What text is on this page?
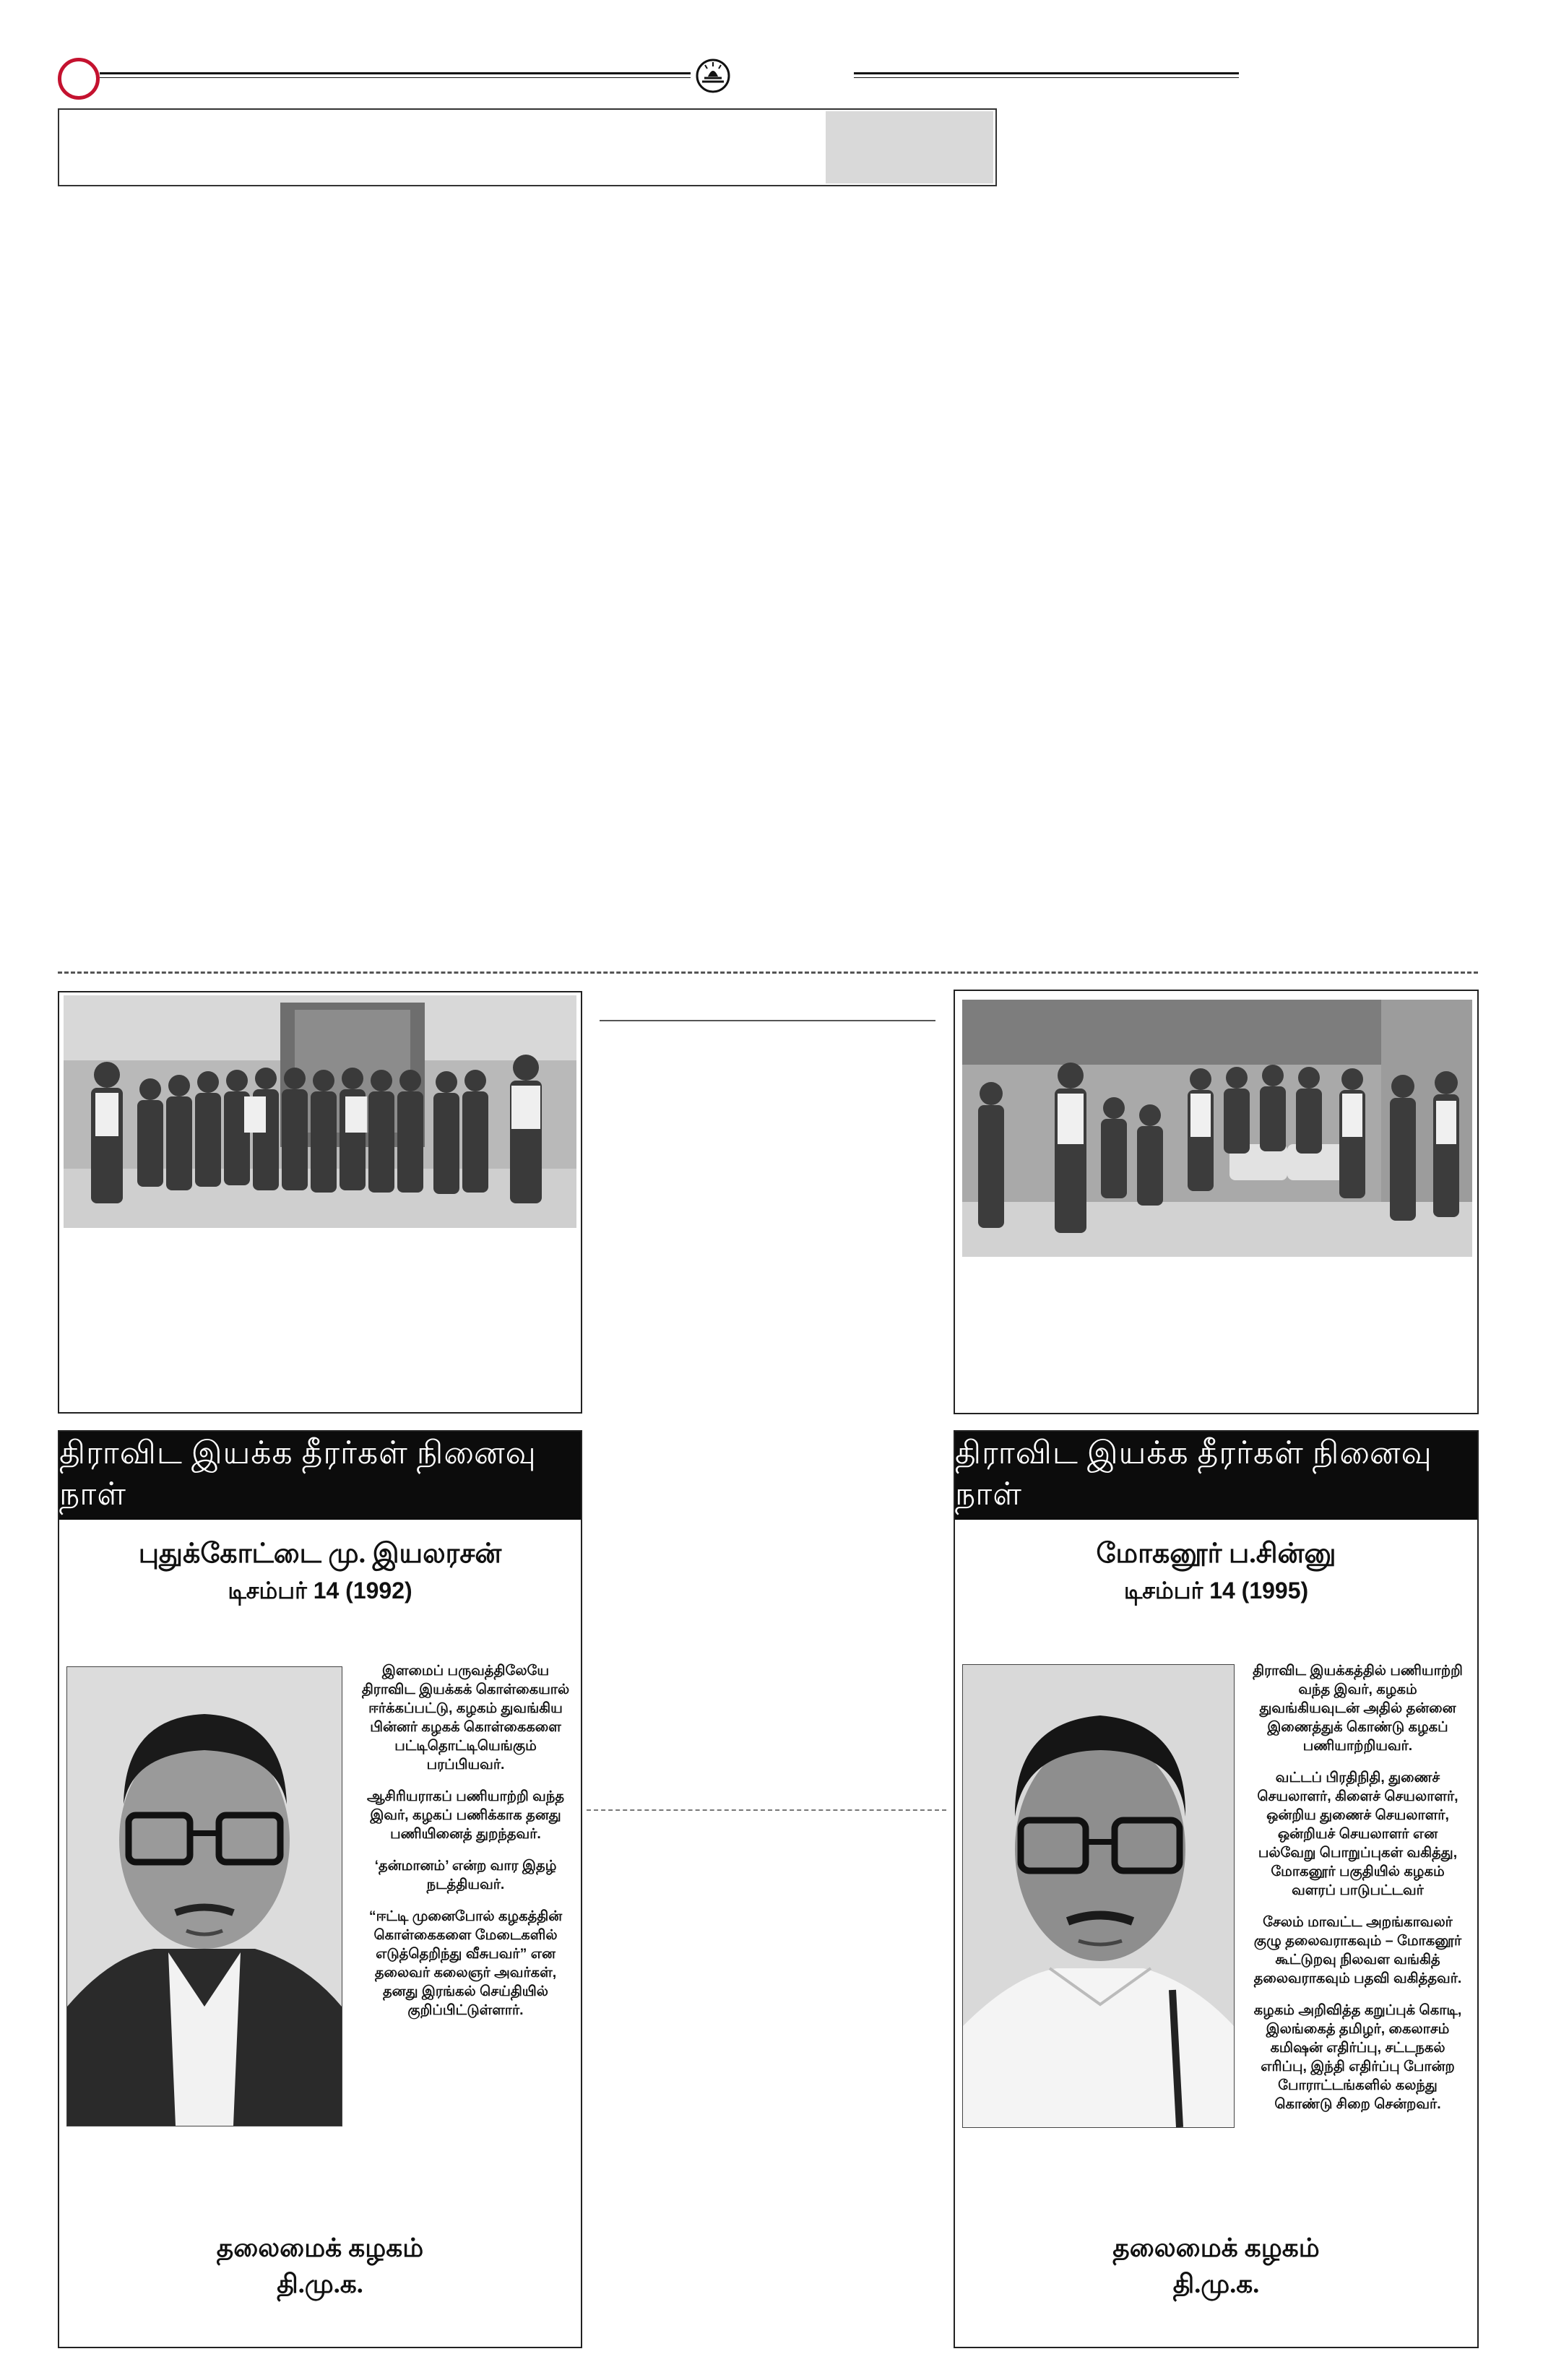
திராவிட இயக்க தீரர்கள் நினைவு நாள்
புதுக்கோட்டை மு. இயலரசன்
டிசம்பர் 14 (1992)

இளமைப் பருவத்திலேயே திராவிட இயக்கக் கொள்கையால் ஈர்க்கப்பட்டு, கழகம் துவங்கிய பின்னர் கழகக் கொள்கைகளை பட்டிதொட்டியெங்கும் பரப்பியவர்.

ஆசிரியராகப் பணியாற்றி வந்த இவர், கழகப் பணிக்காக தனது பணியினைத் துறந்தவர்.

‘தன்மானம்’ என்ற வார இதழ் நடத்தியவர்.

“ஈட்டி முனைபோல் கழகத்தின் கொள்கைகளை மேடைகளில் எடுத்தெறிந்து வீசுபவர்” என தலைவர் கலைஞர் அவர்கள், தனது இரங்கல் செய்தியில் குறிப்பிட்டுள்ளார்.

தலைமைக் கழகம்
தி.மு.க.
திராவிட இயக்க தீரர்கள் நினைவு நாள்
மோகனூர் ப.சின்னு
டிசம்பர் 14 (1995)

திராவிட இயக்கத்தில் பணியாற்றி வந்த இவர், கழகம் துவங்கியவுடன் அதில் தன்னை இணைத்துக் கொண்டு கழகப் பணியாற்றியவர்.

வட்டப் பிரதிநிதி, துணைச் செயலாளர், கிளைச் செயலாளர், ஒன்றிய துணைச் செயலாளர், ஒன்றியச் செயலாளர் என பல்வேறு பொறுப்புகள் வகித்து, மோகனூர் பகுதியில் கழகம் வளரப் பாடுபட்டவர்

சேலம் மாவட்ட அறங்காவலர் குழு தலைவராகவும் – மோகனூர் கூட்டுறவு நிலவள வங்கித் தலைவராகவும் பதவி வகித்தவர்.

கழகம் அறிவித்த கறுப்புக் கொடி, இலங்கைத் தமிழர், கைலாசம் கமிஷன் எதிர்ப்பு, சட்டநகல் எரிப்பு, இந்தி எதிர்ப்பு போன்ற போராட்டங்களில் கலந்து கொண்டு சிறை சென்றவர்.

தலைமைக் கழகம்
தி.மு.க.
